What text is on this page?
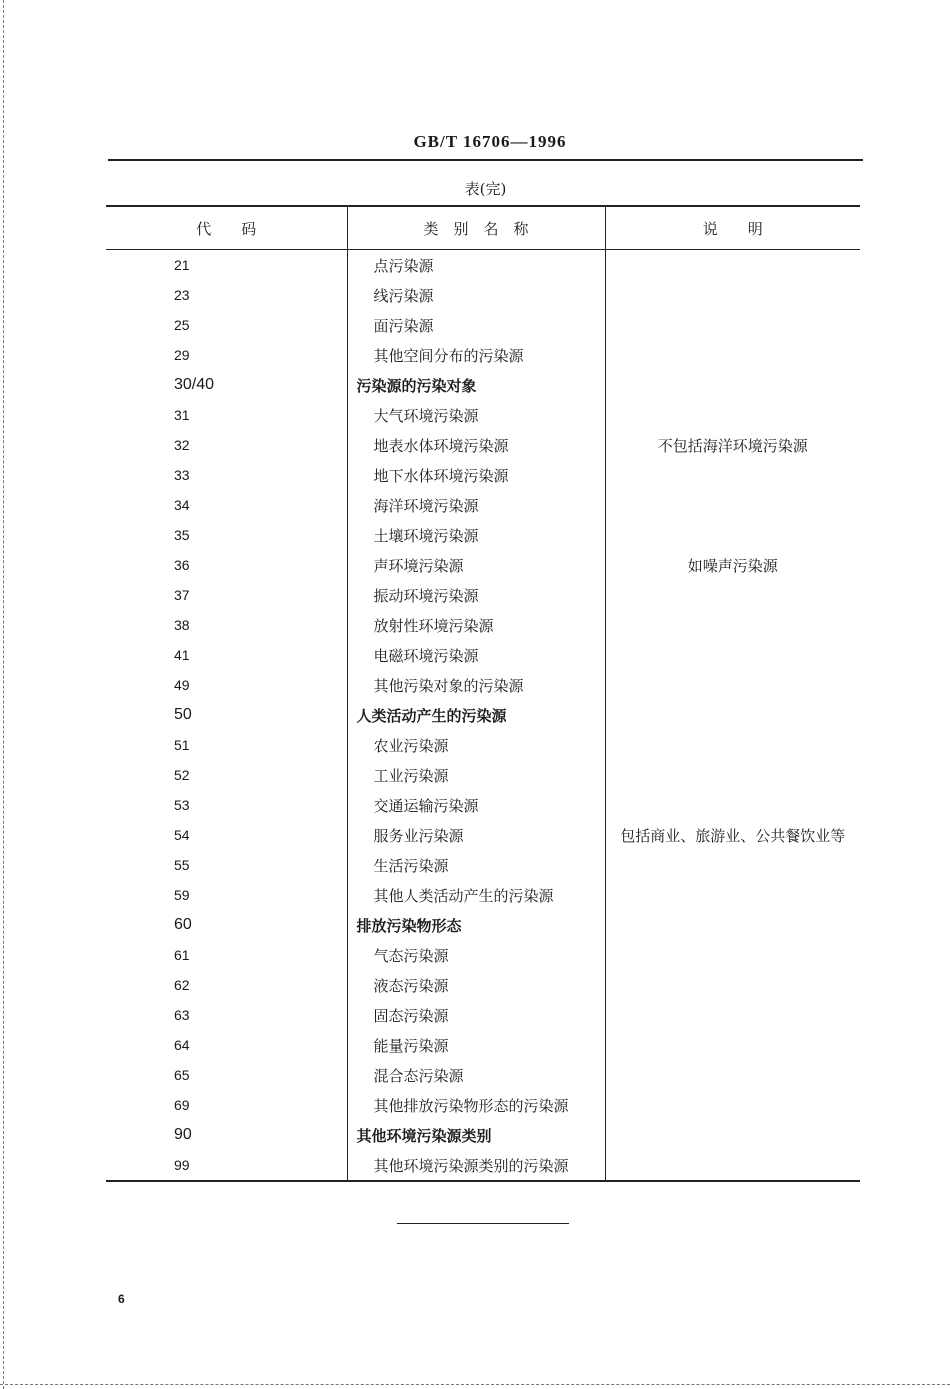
GB/T 16706—1996
表(完)
代　　码	类　别　名　称	说　　明
21	点污染源	
23	线污染源	
25	面污染源	
29	其他空间分布的污染源	
30/40	污染源的污染对象	
31	大气环境污染源	
32	地表水体环境污染源	不包括海洋环境污染源
33	地下水体环境污染源	
34	海洋环境污染源	
35	土壤环境污染源	
36	声环境污染源	如噪声污染源
37	振动环境污染源	
38	放射性环境污染源	
41	电磁环境污染源	
49	其他污染对象的污染源	
50	人类活动产生的污染源	
51	农业污染源	
52	工业污染源	
53	交通运输污染源	
54	服务业污染源	包括商业、旅游业、公共餐饮业等
55	生活污染源	
59	其他人类活动产生的污染源	
60	排放污染物形态	
61	气态污染源	
62	液态污染源	
63	固态污染源	
64	能量污染源	
65	混合态污染源	
69	其他排放污染物形态的污染源	
90	其他环境污染源类别	
99	其他环境污染源类别的污染源	
6
